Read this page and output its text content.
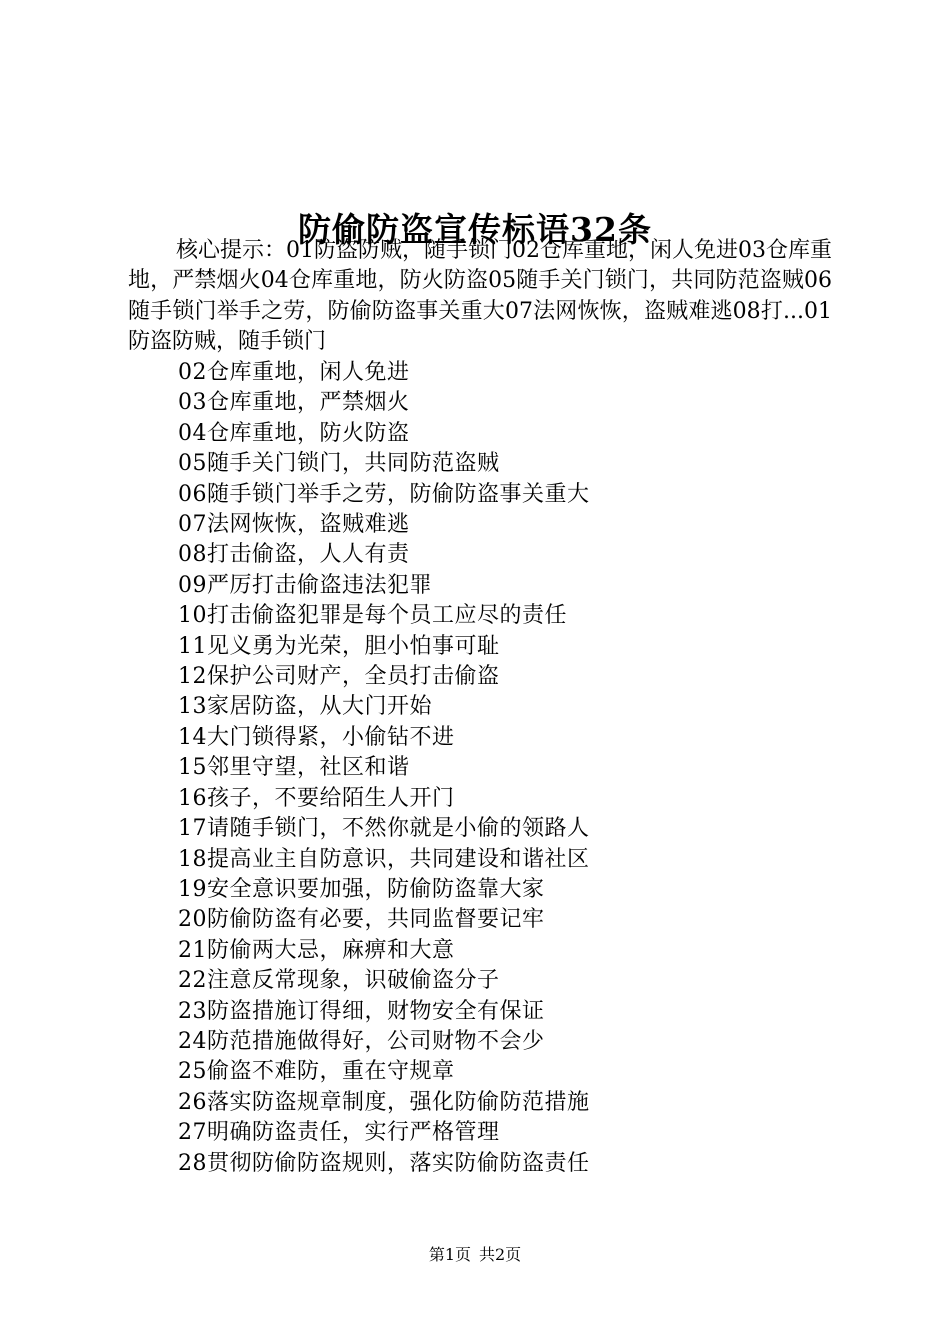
防偷防盗宣传标语32条

核心提示：01防盗防贼，随手锁门02仓库重地，闲人免进03仓库重地，严禁烟火04仓库重地，防火防盗05随手关门锁门，共同防范盗贼06随手锁门举手之劳，防偷防盗事关重大07法网恢恢，盗贼难逃08打...01防盗防贼，随手锁门

02仓库重地，闲人免进
03仓库重地，严禁烟火
04仓库重地，防火防盗
05随手关门锁门，共同防范盗贼
06随手锁门举手之劳，防偷防盗事关重大
07法网恢恢，盗贼难逃
08打击偷盗，人人有责
09严厉打击偷盗违法犯罪
10打击偷盗犯罪是每个员工应尽的责任
11见义勇为光荣，胆小怕事可耻
12保护公司财产，全员打击偷盗
13家居防盗，从大门开始
14大门锁得紧，小偷钻不进
15邻里守望，社区和谐
16孩子，不要给陌生人开门
17请随手锁门，不然你就是小偷的领路人
18提高业主自防意识，共同建设和谐社区
19安全意识要加强，防偷防盗靠大家
20防偷防盗有必要，共同监督要记牢
21防偷两大忌，麻痹和大意
22注意反常现象，识破偷盗分子
23防盗措施订得细，财物安全有保证
24防范措施做得好，公司财物不会少
25偷盗不难防，重在守规章
26落实防盗规章制度，强化防偷防范措施
27明确防盗责任，实行严格管理
28贯彻防偷防盗规则，落实防偷防盗责任
第1页 共2页
